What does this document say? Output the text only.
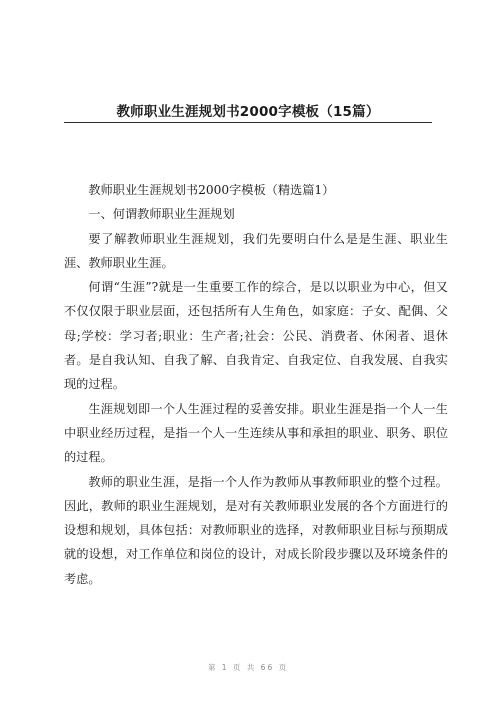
教师职业生涯规划书2000字模板（15篇）

教师职业生涯规划书2000字模板（精选篇1）

一、何谓教师职业生涯规划

要了解教师职业生涯规划，我们先要明白什么是是生涯、职业生涯、教师职业生涯。

何谓“生涯”?就是一生重要工作的综合，是以以职业为中心，但又不仅仅限于职业层面，还包括所有人生角色，如家庭：子女、配偶、父母;学校：学习者;职业：生产者;社会：公民、消费者、休闲者、退休者。是自我认知、自我了解、自我肯定、自我定位、自我发展、自我实现的过程。

生涯规划即一个人生涯过程的妥善安排。职业生涯是指一个人一生中职业经历过程，是指一个人一生连续从事和承担的职业、职务、职位的过程。

教师的职业生涯，是指一个人作为教师从事教师职业的整个过程。因此，教师的职业生涯规划，是对有关教师职业发展的各个方面进行的设想和规划，具体包括：对教师职业的选择，对教师职业目标与预期成就的设想，对工作单位和岗位的设计，对成长阶段步骤以及环境条件的考虑。

第 1 页 共 66 页
